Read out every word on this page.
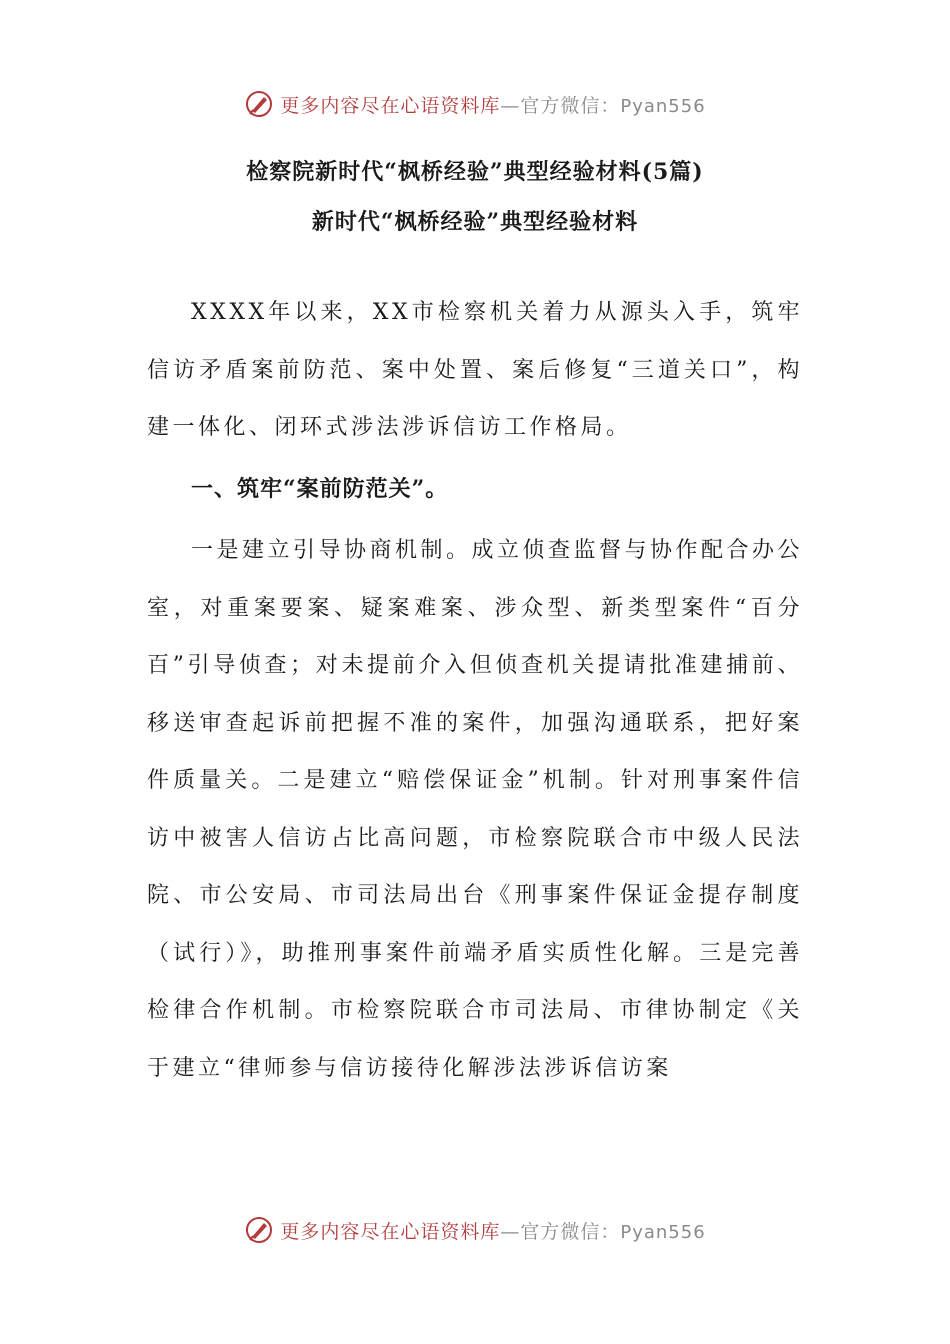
更多内容尽在心语资料库—官方微信：Pyan556
检察院新时代“枫桥经验”典型经验材料(5篇)
新时代“枫桥经验”典型经验材料

XXXX年以来，XX市检察机关着力从源头入手，筑牢信访矛盾案前防范、案中处置、案后修复“三道关口”，构建一体化、闭环式涉法涉诉信访工作格局。

一、筑牢“案前防范关”。

一是建立引导协商机制。成立侦查监督与协作配合办公室，对重案要案、疑案难案、涉众型、新类型案件“百分百”引导侦查；对未提前介入但侦查机关提请批准建捕前、移送审查起诉前把握不准的案件，加强沟通联系，把好案件质量关。二是建立“赔偿保证金”机制。针对刑事案件信访中被害人信访占比高问题，市检察院联合市中级人民法院、市公安局、市司法局出台《刑事案件保证金提存制度（试行）》，助推刑事案件前端矛盾实质性化解。三是完善检律合作机制。市检察院联合市司法局、市律协制定《关于建立“律师参与信访接待化解涉法涉诉信访案

更多内容尽在心语资料库—官方微信：Pyan556
